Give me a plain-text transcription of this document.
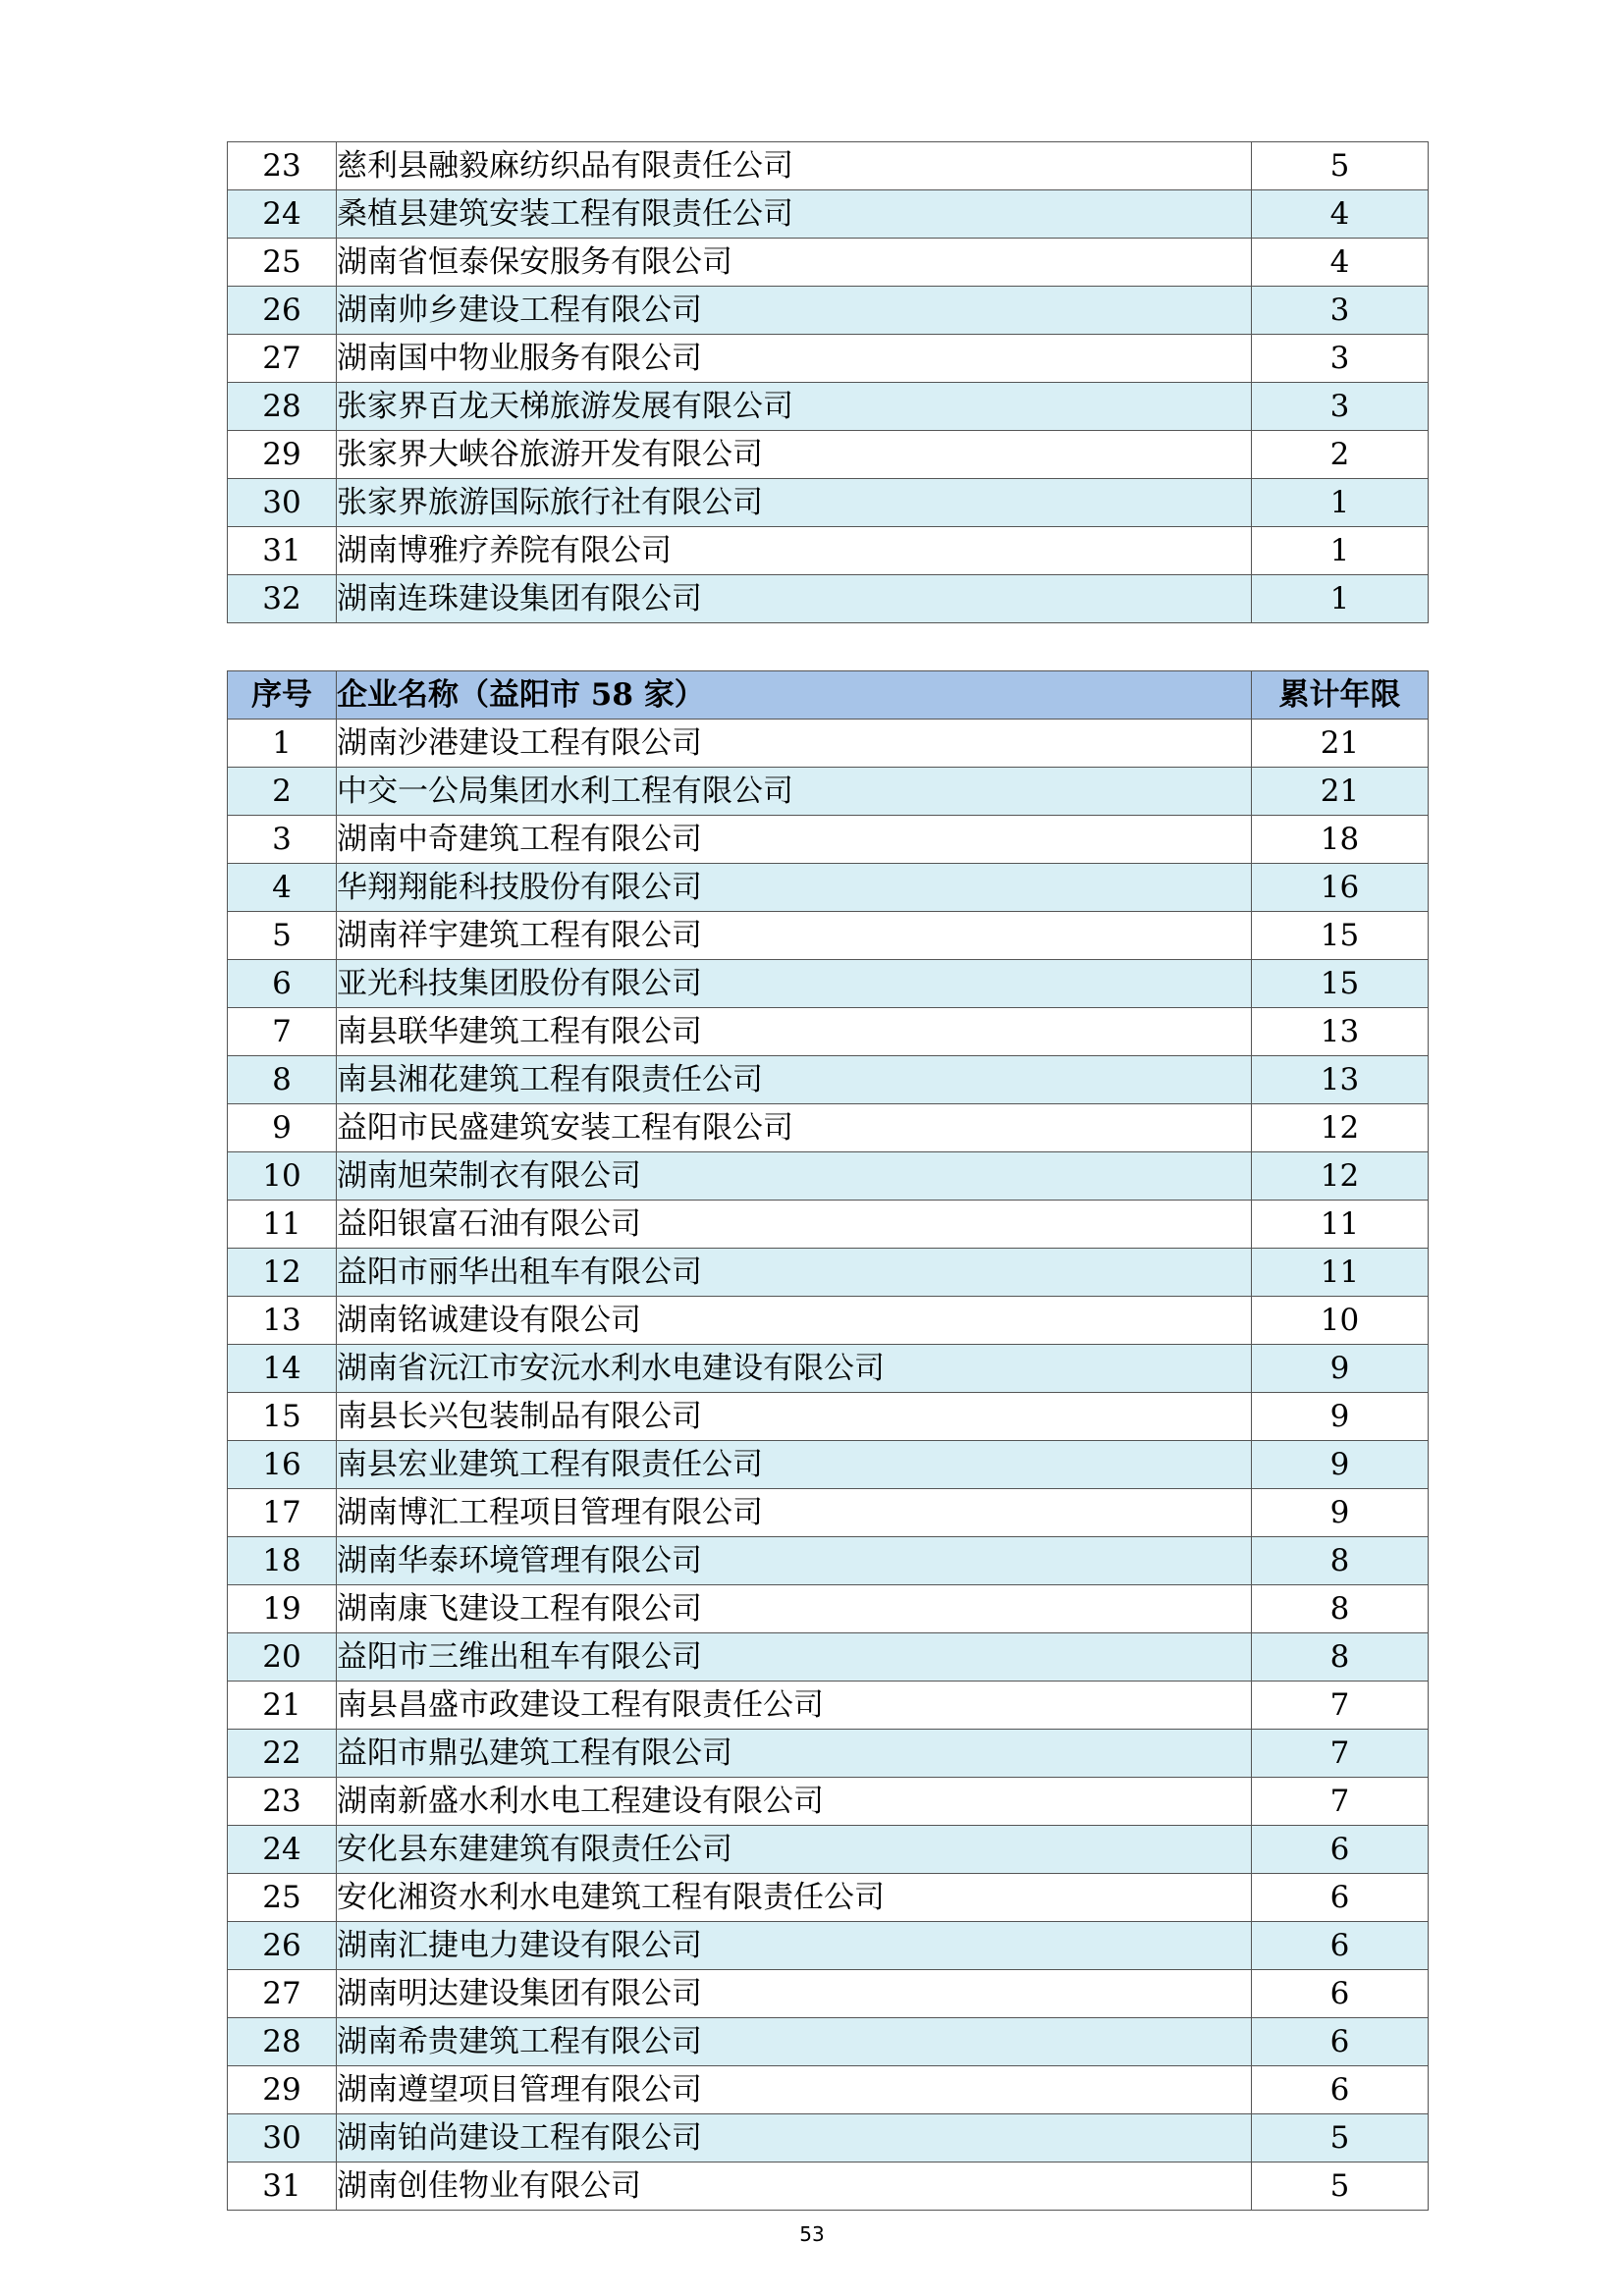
23	慈利县融毅麻纺织品有限责任公司	5
24	桑植县建筑安装工程有限责任公司	4
25	湖南省恒泰保安服务有限公司	4
26	湖南帅乡建设工程有限公司	3
27	湖南国中物业服务有限公司	3
28	张家界百龙天梯旅游发展有限公司	3
29	张家界大峡谷旅游开发有限公司	2
30	张家界旅游国际旅行社有限公司	1
31	湖南博雅疗养院有限公司	1
32	湖南连珠建设集团有限公司	1
序号	企业名称（益阳市 58 家）	累计年限
1	湖南沙港建设工程有限公司	21
2	中交一公局集团水利工程有限公司	21
3	湖南中奇建筑工程有限公司	18
4	华翔翔能科技股份有限公司	16
5	湖南祥宇建筑工程有限公司	15
6	亚光科技集团股份有限公司	15
7	南县联华建筑工程有限公司	13
8	南县湘花建筑工程有限责任公司	13
9	益阳市民盛建筑安装工程有限公司	12
10	湖南旭荣制衣有限公司	12
11	益阳银富石油有限公司	11
12	益阳市丽华出租车有限公司	11
13	湖南铭诚建设有限公司	10
14	湖南省沅江市安沅水利水电建设有限公司	9
15	南县长兴包装制品有限公司	9
16	南县宏业建筑工程有限责任公司	9
17	湖南博汇工程项目管理有限公司	9
18	湖南华泰环境管理有限公司	8
19	湖南康飞建设工程有限公司	8
20	益阳市三维出租车有限公司	8
21	南县昌盛市政建设工程有限责任公司	7
22	益阳市鼎弘建筑工程有限公司	7
23	湖南新盛水利水电工程建设有限公司	7
24	安化县东建建筑有限责任公司	6
25	安化湘资水利水电建筑工程有限责任公司	6
26	湖南汇捷电力建设有限公司	6
27	湖南明达建设集团有限公司	6
28	湖南希贵建筑工程有限公司	6
29	湖南遵望项目管理有限公司	6
30	湖南铂尚建设工程有限公司	5
31	湖南创佳物业有限公司	5
53
